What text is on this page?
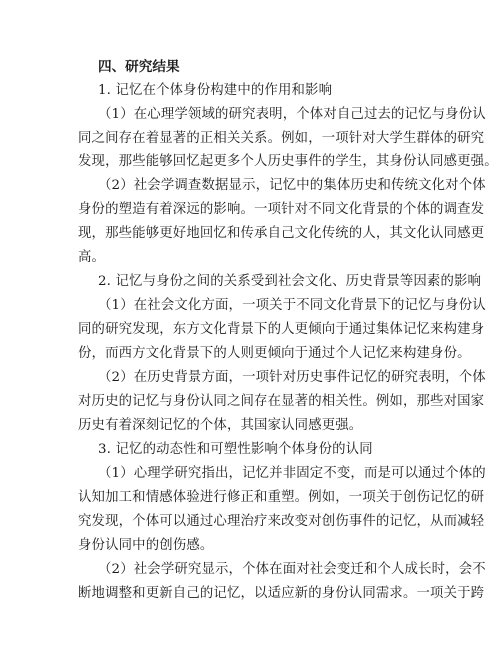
四、研究结果
1. 记忆在个体身份构建中的作用和影响
（1）在心理学领域的研究表明，个体对自己过去的记忆与身份认
同之间存在着显著的正相关关系。例如，一项针对大学生群体的研究
发现，那些能够回忆起更多个人历史事件的学生，其身份认同感更强。
（2）社会学调查数据显示，记忆中的集体历史和传统文化对个体
身份的塑造有着深远的影响。一项针对不同文化背景的个体的调查发
现，那些能够更好地回忆和传承自己文化传统的人，其文化认同感更
高。
2. 记忆与身份之间的关系受到社会文化、历史背景等因素的影响
（1）在社会文化方面，一项关于不同文化背景下的记忆与身份认
同的研究发现，东方文化背景下的人更倾向于通过集体记忆来构建身
份，而西方文化背景下的人则更倾向于通过个人记忆来构建身份。
（2）在历史背景方面，一项针对历史事件记忆的研究表明，个体
对历史的记忆与身份认同之间存在显著的相关性。例如，那些对国家
历史有着深刻记忆的个体，其国家认同感更强。
3. 记忆的动态性和可塑性影响个体身份的认同
（1）心理学研究指出，记忆并非固定不变，而是可以通过个体的
认知加工和情感体验进行修正和重塑。例如，一项关于创伤记忆的研
究发现，个体可以通过心理治疗来改变对创伤事件的记忆，从而减轻
身份认同中的创伤感。
（2）社会学研究显示，个体在面对社会变迁和个人成长时，会不
断地调整和更新自己的记忆，以适应新的身份认同需求。一项关于跨
